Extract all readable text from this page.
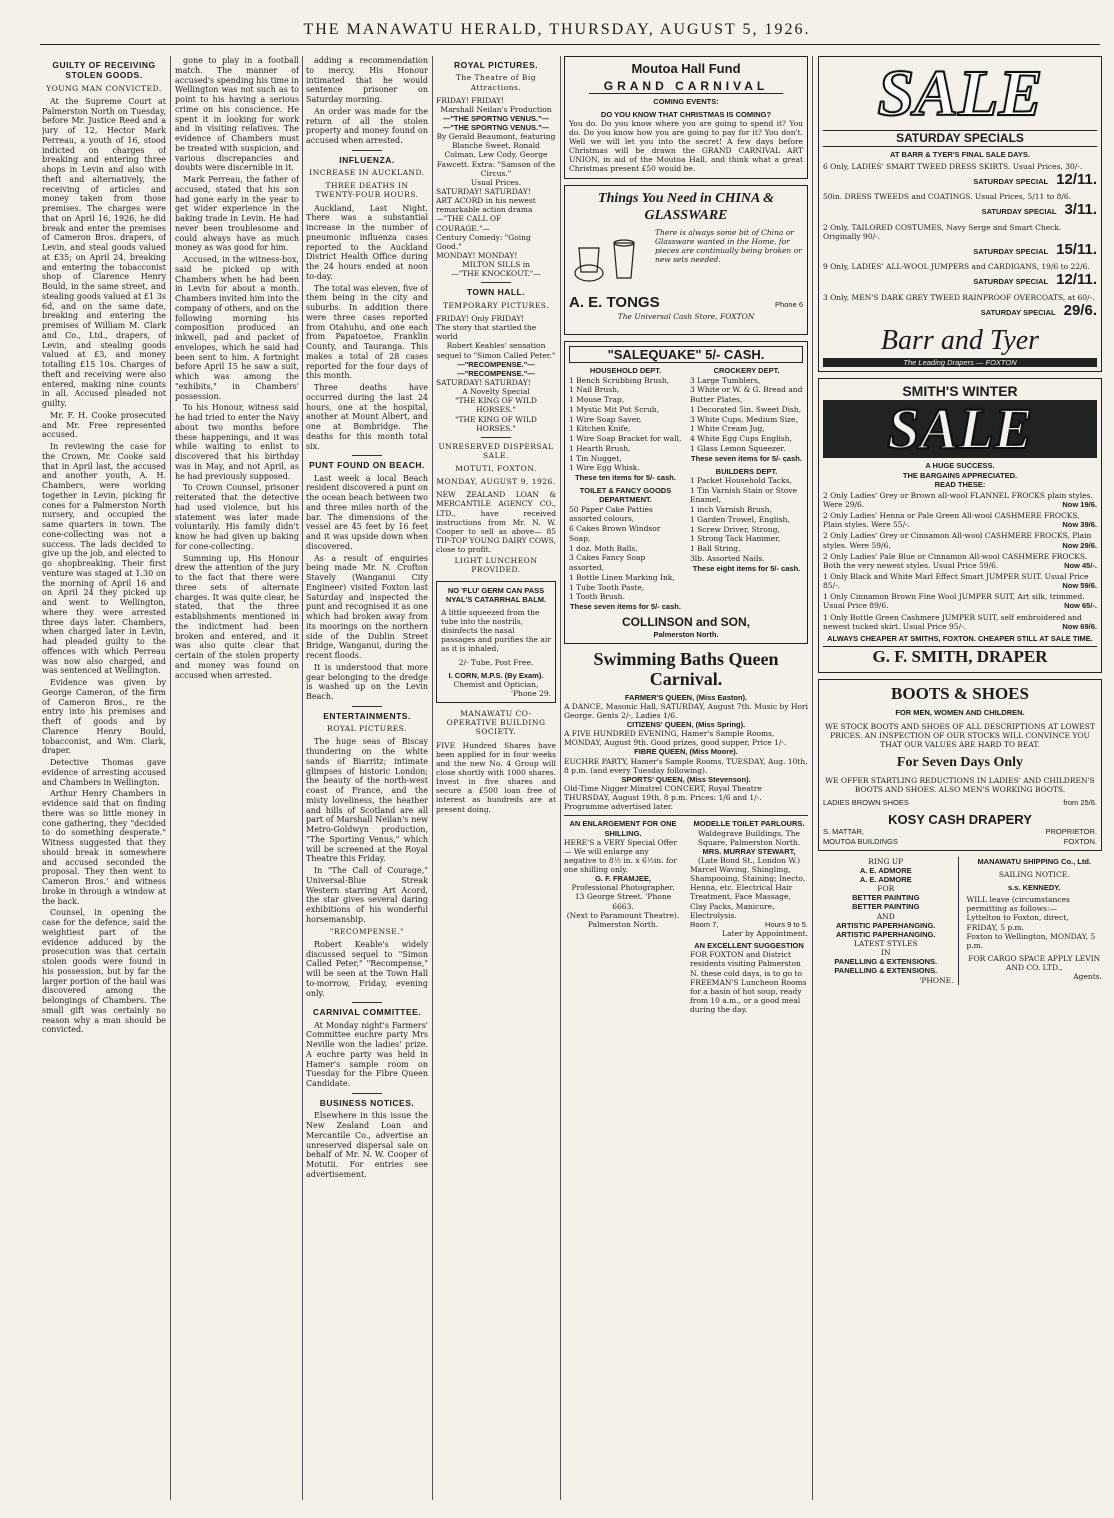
THE MANAWATU HERALD, THURSDAY, AUGUST 5, 1926.
GUILTY OF RECEIVING STOLEN GOODS.
YOUNG MAN CONVICTED.

At the Supreme Court at Palmerston North on Tuesday, before Mr. Justice Reed and a jury of 12, Hector Mark Perreau, a youth of 16, stood indicted on charges of breaking and entering three shops in Levin and also with theft and alternatively, the receiving of articles and money taken from those premises. The charges were that on April 16, 1926, he did break and enter the premises of Cameron Bros. drapers, of Levin, and steal goods valued at £35; on April 24, breaking and entering the tobacconist shop of Clarence Henry Bould, in the same street, and stealing goods valued at £1 3s 6d, and on the same date, breaking and entering the premises of William M. Clark and Co., Ltd., drapers, of Levin, and stealing goods valued at £3, and money totalling £15 10s. Charges of theft and receiving were also entered, making nine counts in all. Accused pleaded not guilty.

Mr. F. H. Cooke prosecuted and Mr. Free represented accused.

In reviewing the case for the Crown, Mr. Cooke said that in April last, the accused and another youth, A. H. Chambers, were working together in Levin, picking fir cones for a Palmerston North nursery, and occupied the same quarters in town. The cone-collecting was not a success. The lads decided to give up the job, and elected to go shopbreaking. Their first venture was staged at 1.30 on the morning of April 16 and on April 24 they picked up and went to Wellington, where they were arrested three days later. Chambers, when charged later in Levin, had pleaded guilty to the offences with which Perreau was now also charged, and was sentenced at Wellington.

Evidence was given by George Cameron, of the firm of Cameron Bros., re the entry into his premises and theft of goods and by Clarence Henry Bould, tobacconist, and Wm. Clark, draper.

Detective Thomas gave evidence of arresting accused and Chambers in Wellington.

Arthur Henry Chambers in evidence said that on finding there was so little money in cone gathering, they "decided to do something desperate." Witness suggested that they should break in somewhere and accused seconded the proposal. They then went to Cameron Bros.' and witness broke in through a window at the back.

Counsel, in opening the case for the defence, said the weightiest part of the evidence adduced by the prosecution was that certain stolen goods were found in his possession, but by far the larger portion of the haul was discovered among the belongings of Chambers. The small gift was certainly no reason why a man should be convicted.

gone to play in a football match. The manner of accused's spending his time in Wellington was not such as to point to his having a serious crime on his conscience. He spent it in looking for work and in visiting relatives. The evidence of Chambers must be treated with suspicion, and various discrepancies and doubts were discernible in it.

Mark Perreau, the father of accused, stated that his son had gone early in the year to get wider experience in the baking trade in Levin. He had never been troublesome and could always have as much money as was good for him.

Accused, in the witness-box, said he picked up with Chambers when he had been in Levin for about a month. Chambers invited him into the company of others, and on the following morning his composition produced an inkwell, pad and packet of envelopes, which he said had been sent to him. A fortnight before April 15 he saw a suit, which was among the "exhibits," in Chambers' possession.

To his Honour, witness said he had tried to enter the Navy about two months before these happenings, and it was while waiting to enlist to discovered that his birthday was in May, and not April, as he had previously supposed.

To Crown Counsel, prisoner reiterated that the detective had used violence, but his statement was later made voluntarily. His family didn't know he had given up baking for cone-collecting.

Summing up, His Honour drew the attention of the jury to the fact that there were three sets of alternate charges. It was quite clear, he stated, that the three establishments mentioned in the indictment had been broken and entered, and it was also quite clear that certain of the stolen property and money was found on accused when arrested.

adding a recommendation to mercy. His Honour intimated that he would sentence prisoner on Saturday morning.

An order was made for the return of all the stolen property and money found on accused when arrested.

INFLUENZA.
INCREASE IN AUCKLAND.
THREE DEATHS IN TWENTY-FOUR HOURS.

Auckland, Last Night. There was a substantial increase in the number of pneumonic influenza cases reported to the Auckland District Health Office during the 24 hours ended at noon to-day.

The total was eleven, five of them being in the city and suburbs. In addition there were three cases reported from Otahuhu, and one each from Papatoetoe, Franklin County, and Tauranga. This makes a total of 28 cases reported for the four days of this month.

Three deaths have occurred during the last 24 hours, one at the hospital, another at Mount Albert, and one at Bombridge. The deaths for this month total six.

PUNT FOUND ON BEACH.

Last week a local Beach resident discovered a punt on the ocean beach between two and three miles north of the bar. The dimensions of the vessel are 45 feet by 16 feet and it was upside down when discovered.

As a result of enquiries being made Mr. N. Crofton Stavely (Wanganui City Engineer) visited Foxton last Saturday and inspected the punt and recognised it as one which had broken away from its moorings on the northern side of the Dublin Street Bridge, Wanganui, during the recent floods.

It is understood that more gear belonging to the dredge is washed up on the Levin Beach.

ENTERTAINMENTS.
ROYAL PICTURES.

The huge seas of Biscay thundering on the white sands of Biarritz; intimate glimpses of historic London; the beauty of the north-west coast of France, and the misty loveliness, the heather and hills of Scotland are all part of Marshall Neilan's new Metro-Goldwyn production, "The Sporting Venus," which will be screened at the Royal Theatre this Friday.

In "The Call of Courage," Universal-Blue Streak Western starring Art Acord, the star gives several daring exhibitions of his wonderful horsemanship.

"RECOMPENSE."

Robert Keable's widely discussed sequel to "Simon Called Peter," "Recompense," will be seen at the Town Hall to-morrow, Friday, evening only.

CARNIVAL COMMITTEE.

At Monday night's Farmers' Committee euchre party Mrs Neville won the ladies' prize. A euchre party was held in Hamer's sample room on Tuesday for the Fibre Queen Candidate.

BUSINESS NOTICES.

Elsewhere in this issue the New Zealand Loan and Mercantile Co., advertise an unreserved dispersal sale on behalf of Mr. N. W. Cooper of Motutii. For entries see advertisement.

ROYAL PICTURES.
The Theatre of Big Attractions.
FRIDAY! FRIDAY!
Marshall Neilan's Production
—"THE SPORTNG VENUS."—
—"THE SPORTNG VENUS."—
By Gerald Beaumont, featuring Blanche Sweet, Ronald Colman, Lew Cody, George Fawcett. Extra: "Samson of the Circus."
Usual Prices.
SATURDAY! SATURDAY!
ART ACORD in his newest remarkable action drama
—"THE CALL OF COURAGE."—
Century Comedy: "Going Good."
MONDAY! MONDAY!
MILTON SILLS in
—"THE KNOCKOUT."—
TOWN HALL.
TEMPORARY PICTURES.
FRIDAY! Only FRIDAY!
The story that startled the world
Robert Keables' sensation sequel to "Simon Called Peter."
—"RECOMPENSE."—
—"RECOMPENSE."—
SATURDAY! SATURDAY!
A Novelty Special
"THE KING OF WILD HORSES."
"THE KING OF WILD HORSES."
UNRESERVED DISPERSAL SALE.
MOTUTI, FOXTON.
MONDAY, AUGUST 9, 1926.

NEW ZEALAND LOAN & MERCANTILE AGENCY CO., LTD., have received instructions from Mr. N. W. Cooper to sell as above— 85 TIP-TOP YOUNG DAIRY COWS, close to profit.

LIGHT LUNCHEON PROVIDED.
NO 'FLU' GERM CAN PASS NYAL'S CATARRHAL BALM.

A little squeezed from the tube into the nostrils, disinfects the nasal passages and purifies the air as it is inhaled.

2/- Tube, Post Free.
I. CORN, M.P.S. (By Exam).
Chemist and Optician,
'Phone 29.
MANAWATU CO-OPERATIVE BUILDING SOCIETY.

FIVE Hundred Shares have been applied for in four weeks and the new No. 4 Group will close shortly with 1000 shares. Invest in five shares and secure a £500 loan free of interest as hundreds are at present doing.

Moutoa Hall Fund
GRAND CARNIVAL
COMING EVENTS:
DO YOU KNOW THAT CHRISTMAS IS COMING?

You do. Do you know where you are going to spend it? You do. Do you know how you are going to pay for it? You don't. Well we will let you into the secret! A few days before Christmas will be drawn the GRAND CARNIVAL ART UNION, in aid of the Moutoa Hall, and think what a great Christmas present £50 would be.

Things You Need in CHINA & GLASSWARE

There is always some bit of China or Glassware wanted in the Home, for pieces are continually being broken or new sets needed.

A. E. TONGS	Phone 6
The Universal Cash Store, FOXTON
"SALEQUAKE" 5/- CASH.
HOUSEHOLD DEPT.
1 Bench Scrubbing Brush,
1 Nail Brush,
1 Mouse Trap,
1 Mystic Mit Pot Scrub,
1 Wire Soap Saver,
1 Kitchen Knife,
1 Wire Soap Bracket for wall,
1 Hearth Brush,
1 Tin Nugget,
1 Wire Egg Whisk.
These ten items for 5/- cash.
TOILET & FANCY GOODS DEPARTMENT.
50 Paper Cake Patties assorted colours,
6 Cakes Brown Windsor Soap,
1 doz. Moth Balls,
3 Cakes Fancy Soap assorted,
1 Bottle Linen Marking Ink,
1 Tube Tooth Paste,
1 Tooth Brush.
These seven items for 5/- cash.
CROCKERY DEPT.
3 Large Tumblers,
3 White or W. & G. Bread and Butter Plates,
1 Decorated 5in. Sweet Dish,
3 White Cups, Medium Size,
1 White Cream Jug,
4 White Egg Cups English,
1 Glass Lemon Squeezer.
These seven items for 5/- cash.
BUILDERS DEPT.
1 Packet Household Tacks,
1 Tin Varnish Stain or Stove Enamel,
1 inch Varnish Brush,
1 Garden Trowel, English,
1 Screw Driver, Strong,
1 Strong Tack Hammer,
1 Ball String,
3lb. Assorted Nails.
These eight items for 5/- cash.
COLLINSON and SON,
Palmerston North.
Swimming Baths Queen Carnival.
FARMER'S QUEEN, (Miss Easton).

A DANCE, Masonic Hall, SATURDAY, August 7th. Music by Hori George. Gents 2/-, Ladies 1/6.

CITIZENS' QUEEN, (Miss Spring).

A FIVE HUNDRED EVENING, Hamer's Sample Rooms, MONDAY, August 9th. Good prizes, good supper, Price 1/-.

FIBRE QUEEN, (Miss Moore).

EUCHRE PARTY, Hamer's Sample Rooms, TUESDAY, Aug. 10th, 8 p.m. (and every Tuesday following).

SPORTS' QUEEN, (Miss Stevenson).

Old-Time Nigger Minstrel CONCERT, Royal Theatre THURSDAY, August 19th, 8 p.m. Prices: 1/6 and 1/-. Programme advertised later.

AN ENLARGEMENT FOR ONE SHILLING.

HERE'S a VERY Special Offer— We will enlarge any negative to 8½ in. x 6½in. for one shilling only.

G. F. FRAMJEE,
Professional Photographer.
13 George Street. 'Phone 6663.
(Next to Paramount Theatre).
Palmerston North.
MODELLE TOILET PARLOURS.
Waldegrave Buildings, The Square, Palmerston North.
MRS. MURRAY STEWART,
(Late Bond St., London W.)

Marcel Waving, Shingling, Shampooing, Staining; Inecto, Henna, etc. Electrical Hair Treatment, Face Massage, Clay Packs, Manicure, Electrolysis.

Room 7,	Hours 9 to 5.
Later by Appointment.
AN EXCELLENT SUGGESTION

FOR FOXTON and District residents visiting Palmerston N. these cold days, is to go to FREEMAN'S Luncheon Rooms for a basin of hot soup, ready from 10 a.m., or a good meal during the day.

SALE
SATURDAY SPECIALS
AT BARR & TYER'S FINAL SALE DAYS.
6 Only, LADIES' SMART TWEED DRESS SKIRTS. Usual Prices, 30/-.
SATURDAY SPECIAL 12/11.
50in. DRESS TWEEDS and COATINGS. Usual Prices, 5/11 to 8/6.
SATURDAY SPECIAL 3/11.
2 Only, TAILORED COSTUMES, Navy Serge and Smart Check. Originally 90/-.
SATURDAY SPECIAL 15/11.
9 Only, LADIES' ALL-WOOL JUMPERS and CARDIGANS, 19/6 to 22/6.
SATURDAY SPECIAL 12/11.
3 Only, MEN'S DARK GREY TWEED RAINPROOF OVERCOATS, at 60/-.
SATURDAY SPECIAL 29/6.
Barr and Tyer
The Leading Drapers — FOXTON
SMITH'S WINTER
SALE
A HUGE SUCCESS.
THE BARGAINS APPRECIATED.
READ THESE:
2 Only Ladies' Grey or Brown all-wool FLANNEL FROCKS plain styles. Were 29/6.	Now 19/6.
2 Only Ladies' Henna or Pale Green All-wool CASHMERE FROCKS, Plain styles. Were 55/-.	Now 39/6.
2 Only Ladies' Grey or Cinnamon All-wool CASHMERE FROCKS, Plain styles. Were 59/6.	Now 29/6.
2 Only Ladies' Pale Blue or Cinnamon All-wool CASHMERE FROCKS. Both the very newest styles. Usual Price 59/6.	Now 45/-.
1 Only Black and White Marl Effect Smart JUMPER SUIT. Usual Price 85/-.	Now 59/6.
1 Only Cinnamon Brown Fine Wool JUMPER SUIT, Art silk, trimmed. Usual Price 89/6.	Now 65/-.
1 Only Bottle Green Cashmere JUMPER SUIT, self embroidered and newest tucked skirt. Usual Price 95/-.	Now 69/6.
ALWAYS CHEAPER AT SMITHS, FOXTON. CHEAPER STILL AT SALE TIME.
G. F. SMITH, DRAPER
BOOTS & SHOES
FOR MEN, WOMEN AND CHILDREN.

WE STOCK BOOTS AND SHOES OF ALL DESCRIPTIONS AT LOWEST PRICES. AN INSPECTION OF OUR STOCKS WILL CONVINCE YOU THAT OUR VALUES ARE HARD TO BEAT.

For Seven Days Only

WE OFFER STARTLING REDUCTIONS IN LADIES' AND CHILDREN'S BOOTS AND SHOES. ALSO MEN'S WORKING BOOTS.

LADIES BROWN SHOES	from 25/6.
KOSY CASH DRAPERY
S. MATTAR,	PROPRIETOR.
MOUTOA BUILDINGS	FOXTON.
RING UP
A. E. ADMORE
A. E. ADMORE
FOR
BETTER PAINTING
BETTER PAINTING
AND
ARTISTIC PAPERHANGING.
ARTISTIC PAPERHANGING.
LATEST STYLES
IN
PANELLING & EXTENSIONS.
PANELLING & EXTENSIONS.
'PHONE.
MANAWATU SHIPPING Co., Ltd.
SAILING NOTICE.
s.s. KENNEDY.

WILL leave (circumstances permitting as follows:—

Lyttelton to Foxton, direct, FRIDAY, 5 p.m.

Foxton to Wellington, MONDAY, 5 p.m.

FOR CARGO SPACE APPLY LEVIN AND CO. LTD.,
Agents.
